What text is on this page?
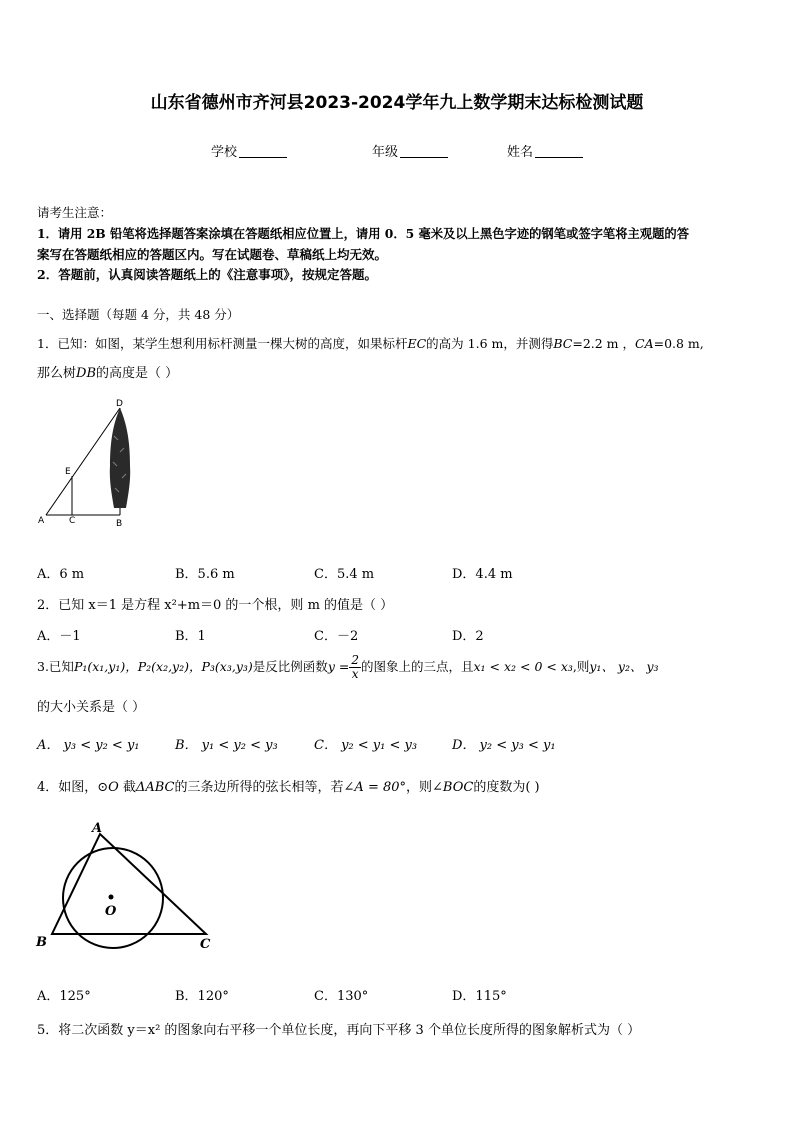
山东省德州市齐河县2023-2024学年九上数学期末达标检测试题
学校	年级	姓名
请考生注意：
1．请用 2B 铅笔将选择题答案涂填在答题纸相应位置上，请用 0．5 毫米及以上黑色字迹的钢笔或签字笔将主观题的答
案写在答题纸相应的答题区内。写在试题卷、草稿纸上均无效。
2．答题前，认真阅读答题纸上的《注意事项》，按规定答题。
一、选择题（每题 4 分，共 48 分）
1．已知：如图，某学生想利用标杆测量一棵大树的高度，如果标杆EC的高为 1.6 m，并测得BC=2.2 m ，CA=0.8 m,
那么树DB的高度是（ ）
D
E
A	C	B
A．6 m	B．5.6 m	C．5.4 m	D．4.4 m
2．已知 x＝1 是方程 x²+m＝0 的一个根，则 m 的值是（ ）
A．－1	B．1	C．－2	D．2
3.已知P₁(x₁,y₁)，P₂(x₂,y₂)，P₃(x₃,y₃)是反比例函数$y = \frac{2}{x}$ 的图象上的三点，且x₁ < x₂ < 0 < x₃,则y₁、 y₂、 y₃
的大小关系是（ ）
A． y₃ < y₂ < y₁	B． y₁ < y₂ < y₃	C． y₂ < y₁ < y₃	D． y₂ < y₃ < y₁
4．如图，⊙O 截ΔABC的三条边所得的弦长相等，若∠A = 80°，则∠BOC的度数为( )
A
O
B	C
A．125°	B．120°	C．130°	D．115°
5．将二次函数 y＝x² 的图象向右平移一个单位长度，再向下平移 3 个单位长度所得的图象解析式为（ ）
